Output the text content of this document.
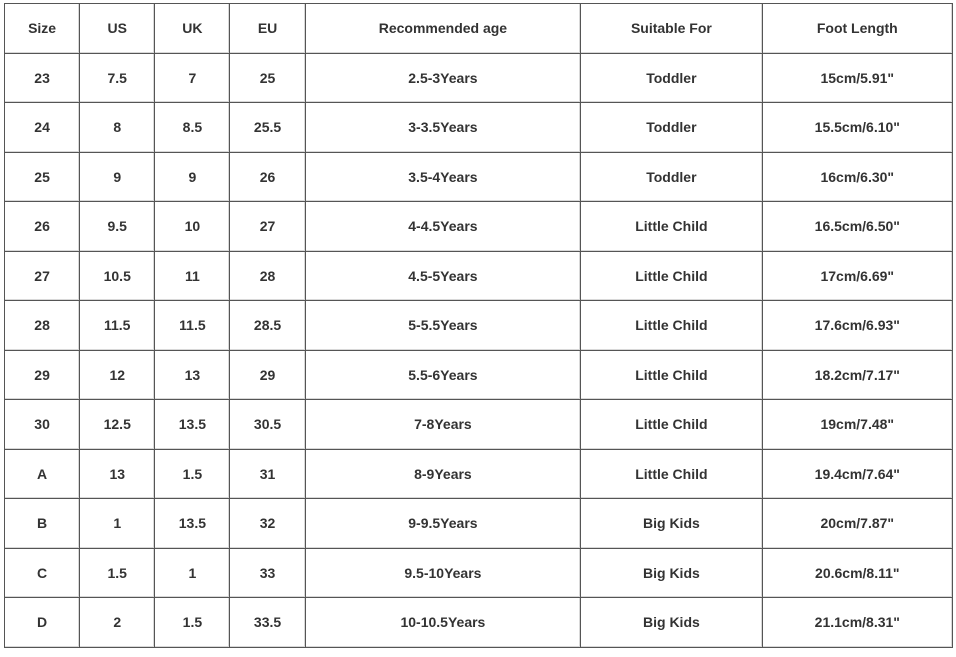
Size	US	UK	EU	Recommended age	Suitable For	Foot Length
23	7.5	7	25	2.5-3Years	Toddler	15cm/5.91"
24	8	8.5	25.5	3-3.5Years	Toddler	15.5cm/6.10"
25	9	9	26	3.5-4Years	Toddler	16cm/6.30"
26	9.5	10	27	4-4.5Years	Little Child	16.5cm/6.50"
27	10.5	11	28	4.5-5Years	Little Child	17cm/6.69"
28	11.5	11.5	28.5	5-5.5Years	Little Child	17.6cm/6.93"
29	12	13	29	5.5-6Years	Little Child	18.2cm/7.17"
30	12.5	13.5	30.5	7-8Years	Little Child	19cm/7.48"
A	13	1.5	31	8-9Years	Little Child	19.4cm/7.64"
B	1	13.5	32	9-9.5Years	Big Kids	20cm/7.87"
C	1.5	1	33	9.5-10Years	Big Kids	20.6cm/8.11"
D	2	1.5	33.5	10-10.5Years	Big Kids	21.1cm/8.31"
